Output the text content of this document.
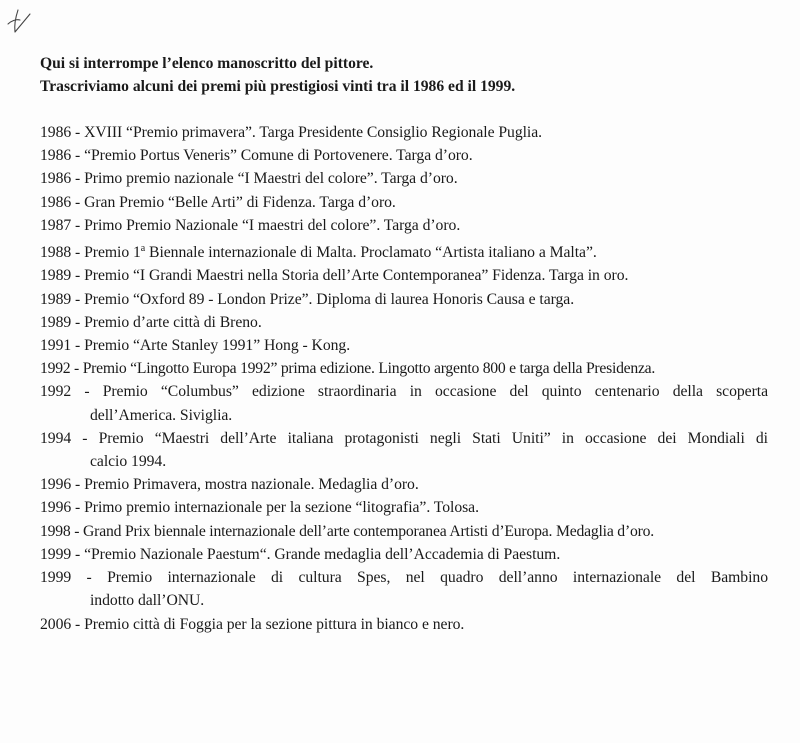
Qui si interrompe l’elenco manoscritto del pittore.
Trascriviamo alcuni dei premi più prestigiosi vinti tra il 1986 ed il 1999.
1986 - XVIII “Premio primavera”. Targa Presidente Consiglio Regionale Puglia.
1986 - “Premio Portus Veneris” Comune di Portovenere. Targa d’oro.
1986 - Primo premio nazionale “I Maestri del colore”. Targa d’oro.
1986 - Gran Premio “Belle Arti” di Fidenza. Targa d’oro.
1987 - Primo Premio Nazionale “I maestri del colore”. Targa d’oro.
1988 - Premio 1$^a$ Biennale internazionale di Malta. Proclamato “Artista italiano a Malta”.
1989 - Premio “I Grandi Maestri nella Storia dell’Arte Contemporanea” Fidenza. Targa in oro.
1989 - Premio “Oxford 89 - London Prize”. Diploma di laurea Honoris Causa e targa.
1989 - Premio d’arte città di Breno.
1991 - Premio “Arte Stanley 1991” Hong - Kong.
1992 - Premio “Lingotto Europa 1992” prima edizione. Lingotto argento 800 e targa della Presidenza.
1992 - Premio “Columbus” edizione straordinaria in occasione del quinto centenario della scoperta
dell’America. Siviglia.
1994 - Premio “Maestri dell’Arte italiana protagonisti negli Stati Uniti” in occasione dei Mondiali di
calcio 1994.
1996 - Premio Primavera, mostra nazionale. Medaglia d’oro.
1996 - Primo premio internazionale per la sezione “litografia”. Tolosa.
1998 - Grand Prix biennale internazionale dell’arte contemporanea Artisti d’Europa. Medaglia d’oro.
1999 - “Premio Nazionale Paestum“. Grande medaglia dell’Accademia di Paestum.
1999 - Premio internazionale di cultura Spes, nel quadro dell’anno internazionale del Bambino
indotto dall’ONU.
2006 - Premio città di Foggia per la sezione pittura in bianco e nero.
